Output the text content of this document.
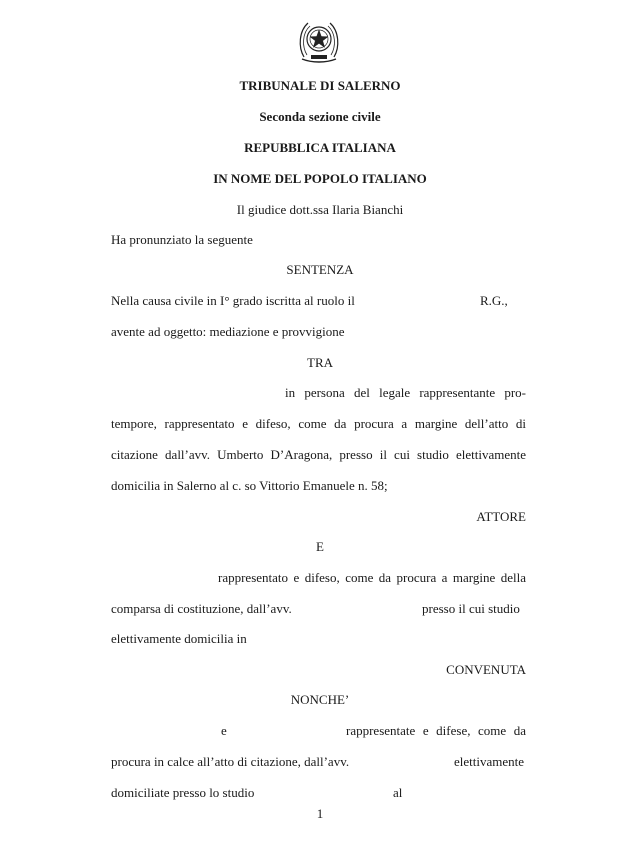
TRIBUNALE DI SALERNO
Seconda sezione civile
REPUBBLICA ITALIANA
IN NOME DEL POPOLO ITALIANO
Il giudice dott.ssa Ilaria Bianchi
Ha pronunziato la seguente
SENTENZA
Nella causa civile in I° grado iscritta al ruolo il	R.G.,
avente ad oggetto: mediazione e provvigione
TRA
in persona del legale rappresentante pro-
tempore, rappresentato e difeso, come da procura a margine dell’atto di
citazione dall’avv. Umberto D’Aragona, presso il cui studio elettivamente
domicilia in Salerno al c. so Vittorio Emanuele n. 58;
ATTORE
E
rappresentato e difeso, come da procura a margine della
comparsa di costituzione, dall’avv.	presso il cui studio
elettivamente domicilia in
CONVENUTA
NONCHE’
e	rappresentate e difese, come da
procura in calce all’atto di citazione, dall’avv.	elettivamente
domiciliate presso lo studio	al
1
